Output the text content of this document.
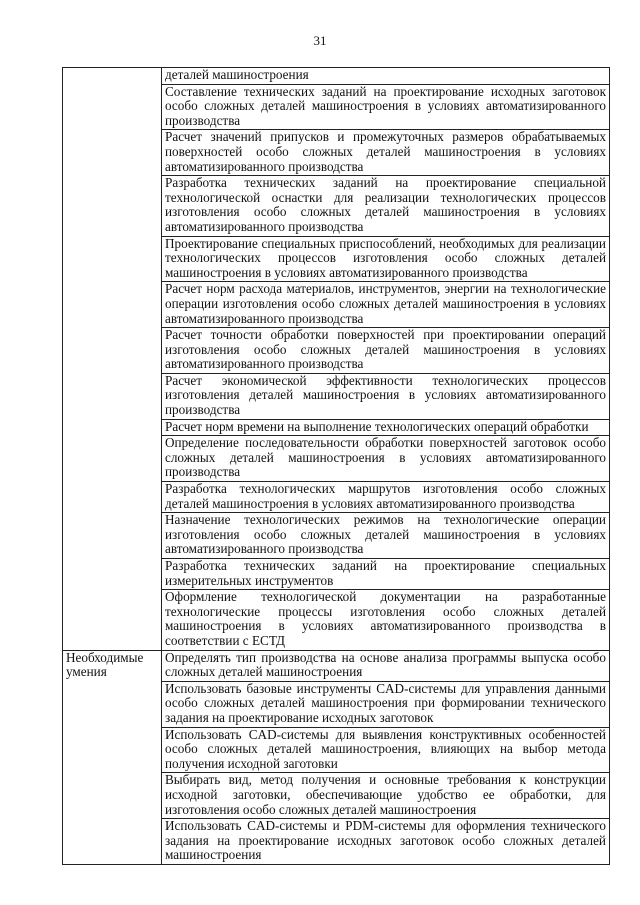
31
	деталей машиностроения
	Составление технических заданий на проектирование исходных заготовок особо сложных деталей машиностроения в условиях автоматизированного производства
	Расчет значений припусков и промежуточных размеров обрабатываемых поверхностей особо сложных деталей машиностроения в условиях автоматизированного производства
	Разработка технических заданий на проектирование специальной технологической оснастки для реализации технологических процессов изготовления особо сложных деталей машиностроения в условиях автоматизированного производства
	Проектирование специальных приспособлений, необходимых для реализации технологических процессов изготовления особо сложных деталей машиностроения в условиях автоматизированного производства
	Расчет норм расхода материалов, инструментов, энергии на технологические операции изготовления особо сложных деталей машиностроения в условиях автоматизированного производства
	Расчет точности обработки поверхностей при проектировании операций изготовления особо сложных деталей машиностроения в условиях автоматизированного производства
	Расчет экономической эффективности технологических процессов изготовления деталей машиностроения в условиях автоматизированного производства
	Расчет норм времени на выполнение технологических операций обработки
	Определение последовательности обработки поверхностей заготовок особо сложных деталей машиностроения в условиях автоматизированного производства
	Разработка технологических маршрутов изготовления особо сложных деталей машиностроения в условиях автоматизированного производства
	Назначение технологических режимов на технологические операции изготовления особо сложных деталей машиностроения в условиях автоматизированного производства
	Разработка технических заданий на проектирование специальных измерительных инструментов
	Оформление технологической документации на разработанные технологические процессы изготовления особо сложных деталей машиностроения в условиях автоматизированного производства в соответствии с ЕСТД
Необходимые умения	Определять тип производства на основе анализа программы выпуска особо сложных деталей машиностроения
	Использовать базовые инструменты CAD-системы для управления данными особо сложных деталей машиностроения при формировании технического задания на проектирование исходных заготовок
	Использовать CAD-системы для выявления конструктивных особенностей особо сложных деталей машиностроения, влияющих на выбор метода получения исходной заготовки
	Выбирать вид, метод получения и основные требования к конструкции исходной заготовки, обеспечивающие удобство ее обработки, для изготовления особо сложных деталей машиностроения
	Использовать CAD-системы и PDM-системы для оформления технического задания на проектирование исходных заготовок особо сложных деталей машиностроения
